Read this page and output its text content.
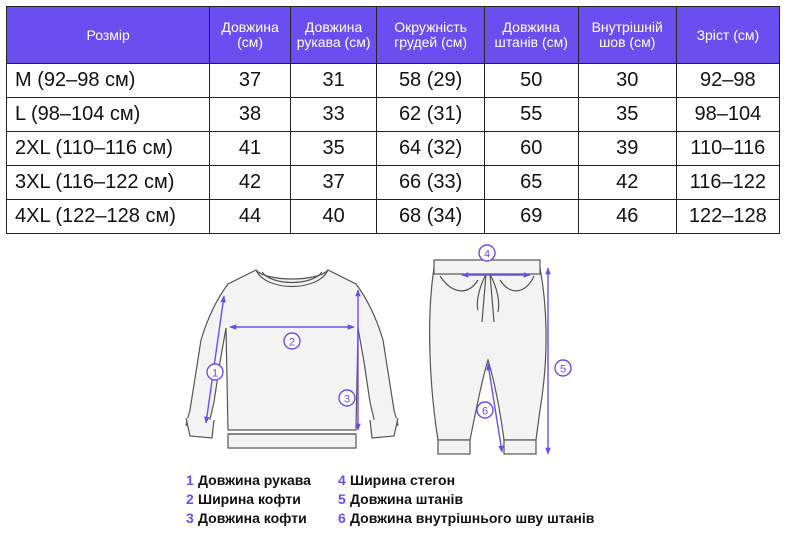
Розмір	Довжина (см)	Довжина рукава (см)	Окружність грудей (см)	Довжина штанів (см)	Внутрішній шов (см)	Зріст (см)
M (92–98 см)	37	31	58 (29)	50	30	92–98
L (98–104 см)	38	33	62 (31)	55	35	98–104
2XL (110–116 см)	41	35	64 (32)	60	39	110–116
3XL (116–122 см)	42	37	66 (33)	65	42	116–122
4XL (122–128 см)	44	40	68 (34)	69	46	122–128
1
2
3
4
5
6
1 Довжина рукава
2 Ширина кофти
3 Довжина кофти
4 Ширина стегон
5 Довжина штанів
6 Довжина внутрішнього шву штанів
